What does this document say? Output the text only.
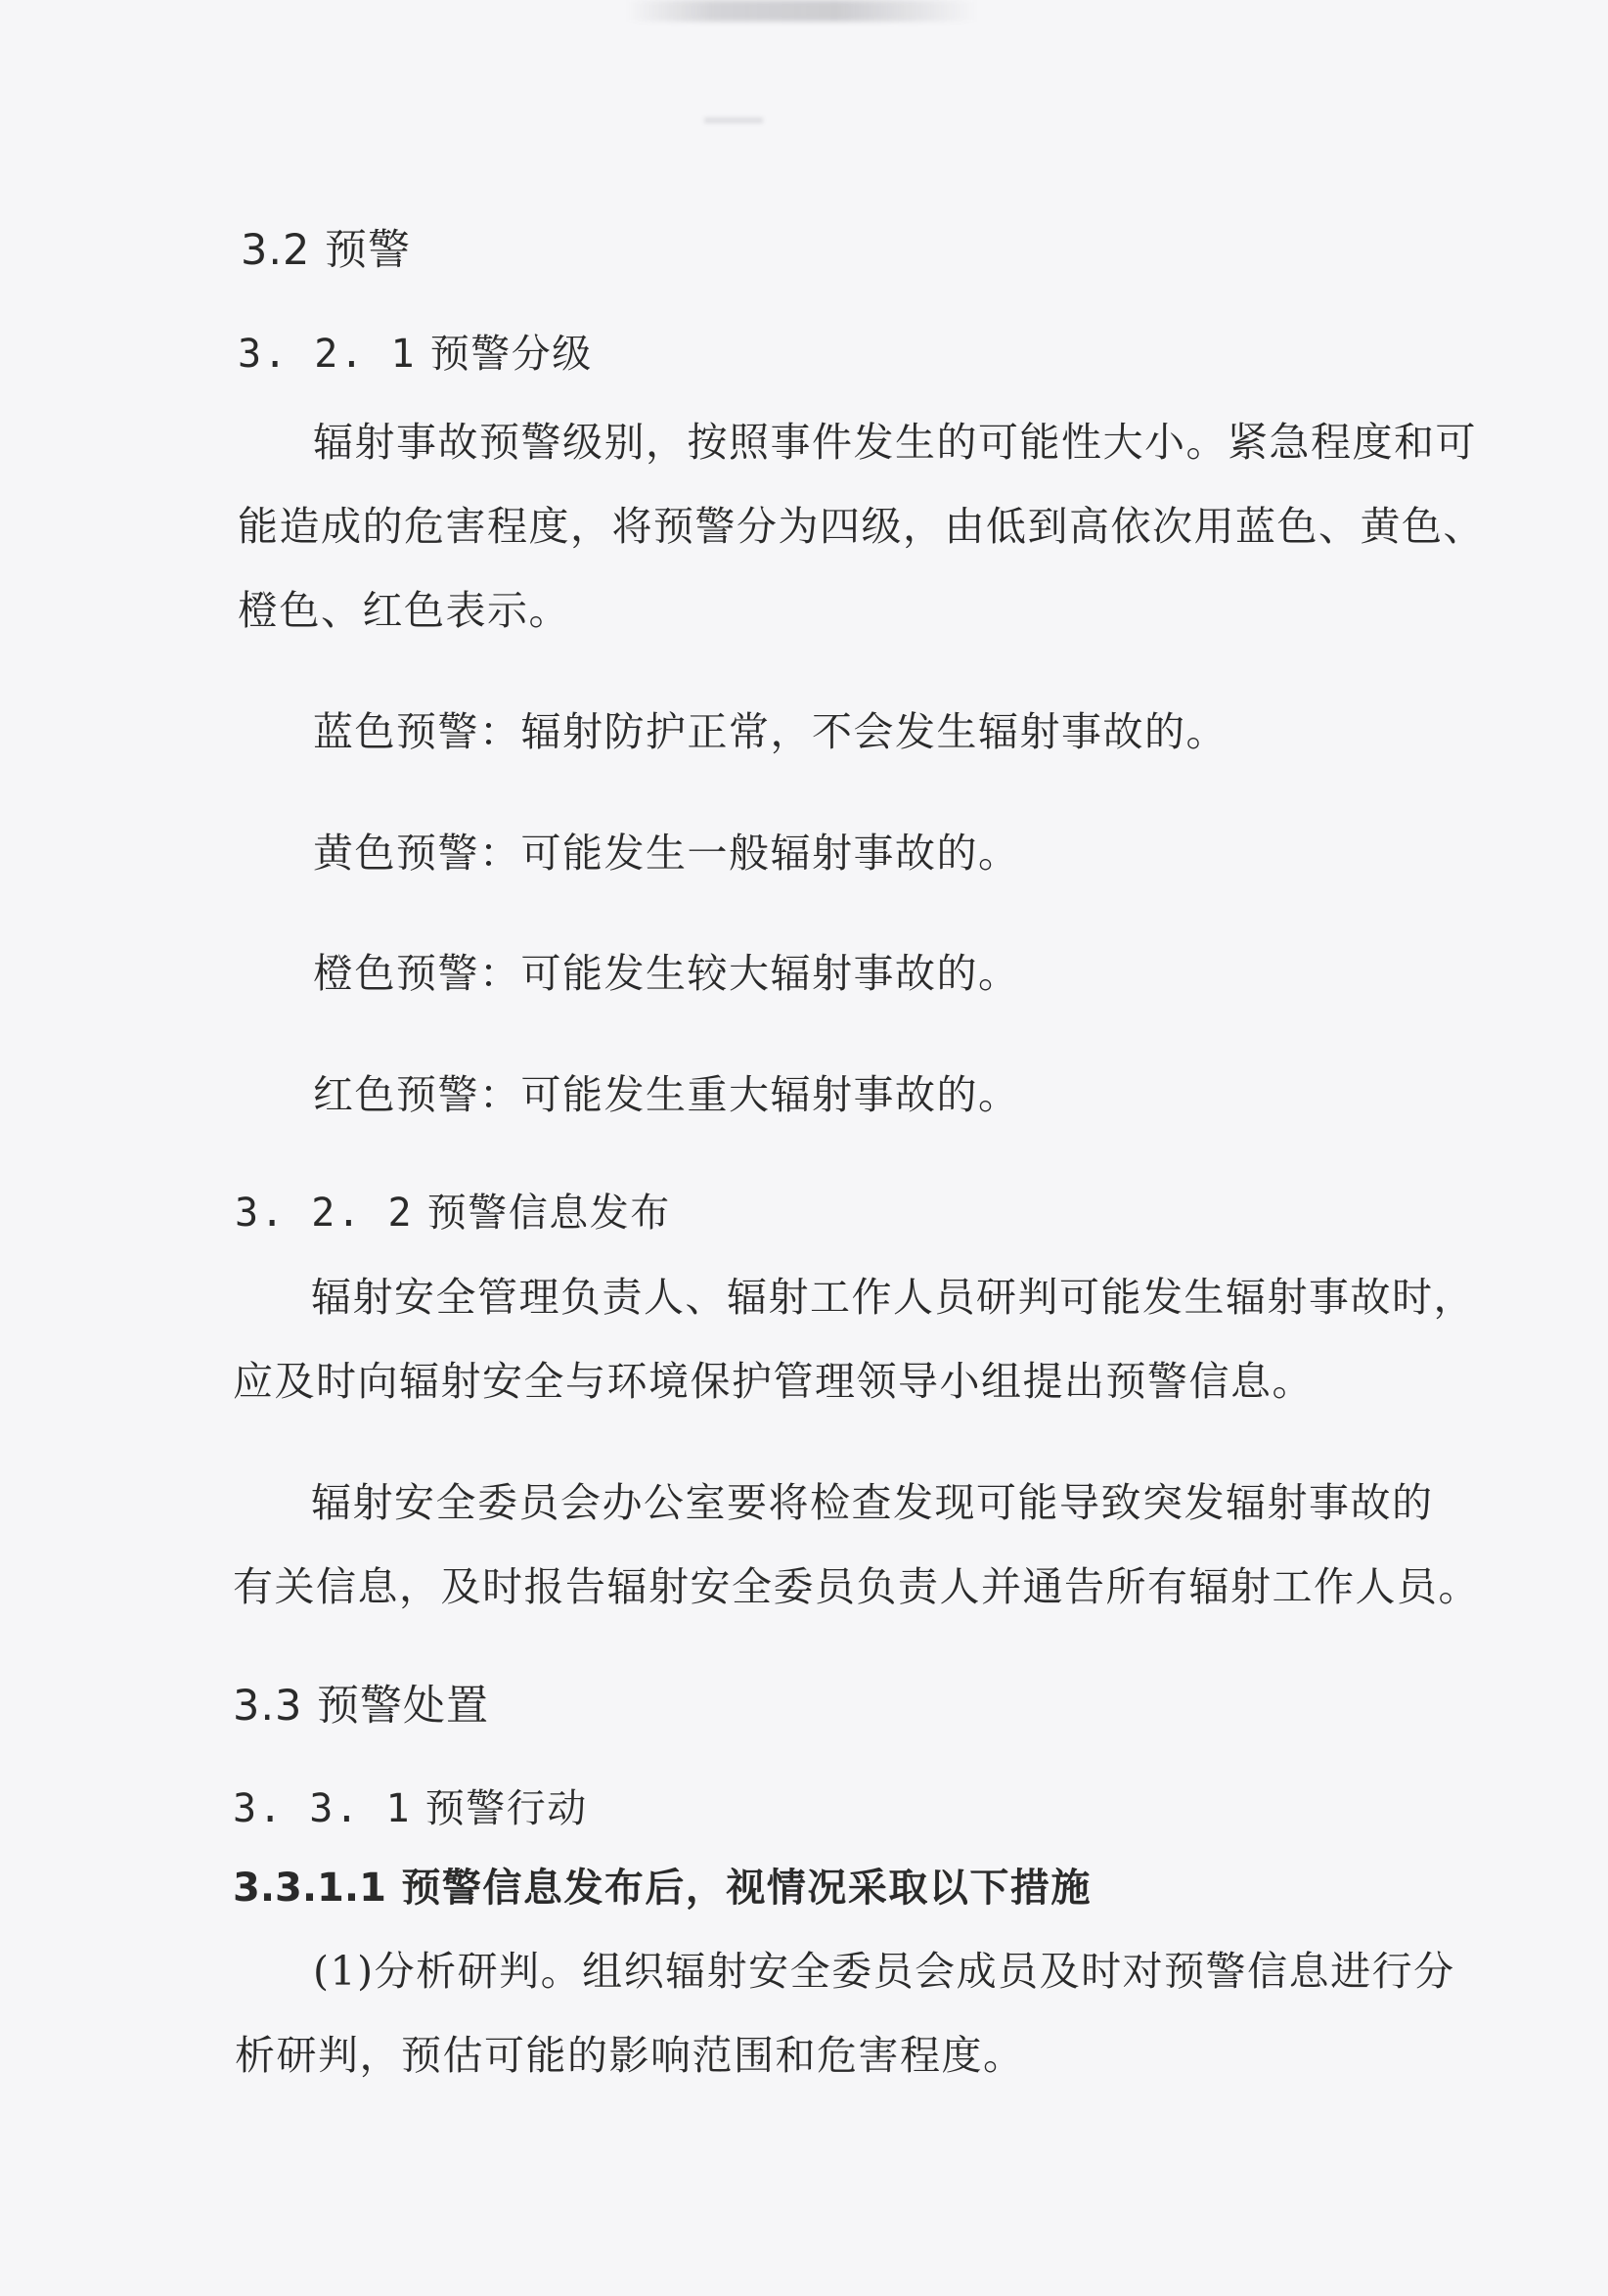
3.2 预警
3. 2. 1 预警分级
辐射事故预警级别，按照事件发生的可能性大小。紧急程度和可
能造成的危害程度，将预警分为四级，由低到高依次用蓝色、黄色、
橙色、红色表示。
蓝色预警：辐射防护正常，不会发生辐射事故的。
黄色预警：可能发生一般辐射事故的。
橙色预警：可能发生较大辐射事故的。
红色预警：可能发生重大辐射事故的。
3. 2. 2 预警信息发布
辐射安全管理负责人、辐射工作人员研判可能发生辐射事故时，
应及时向辐射安全与环境保护管理领导小组提出预警信息。
辐射安全委员会办公室要将检查发现可能导致突发辐射事故的
有关信息，及时报告辐射安全委员负责人并通告所有辐射工作人员。
3.3 预警处置
3. 3. 1 预警行动
3.3.1.1 预警信息发布后，视情况采取以下措施
(1)分析研判。组织辐射安全委员会成员及时对预警信息进行分
析研判，预估可能的影响范围和危害程度。
